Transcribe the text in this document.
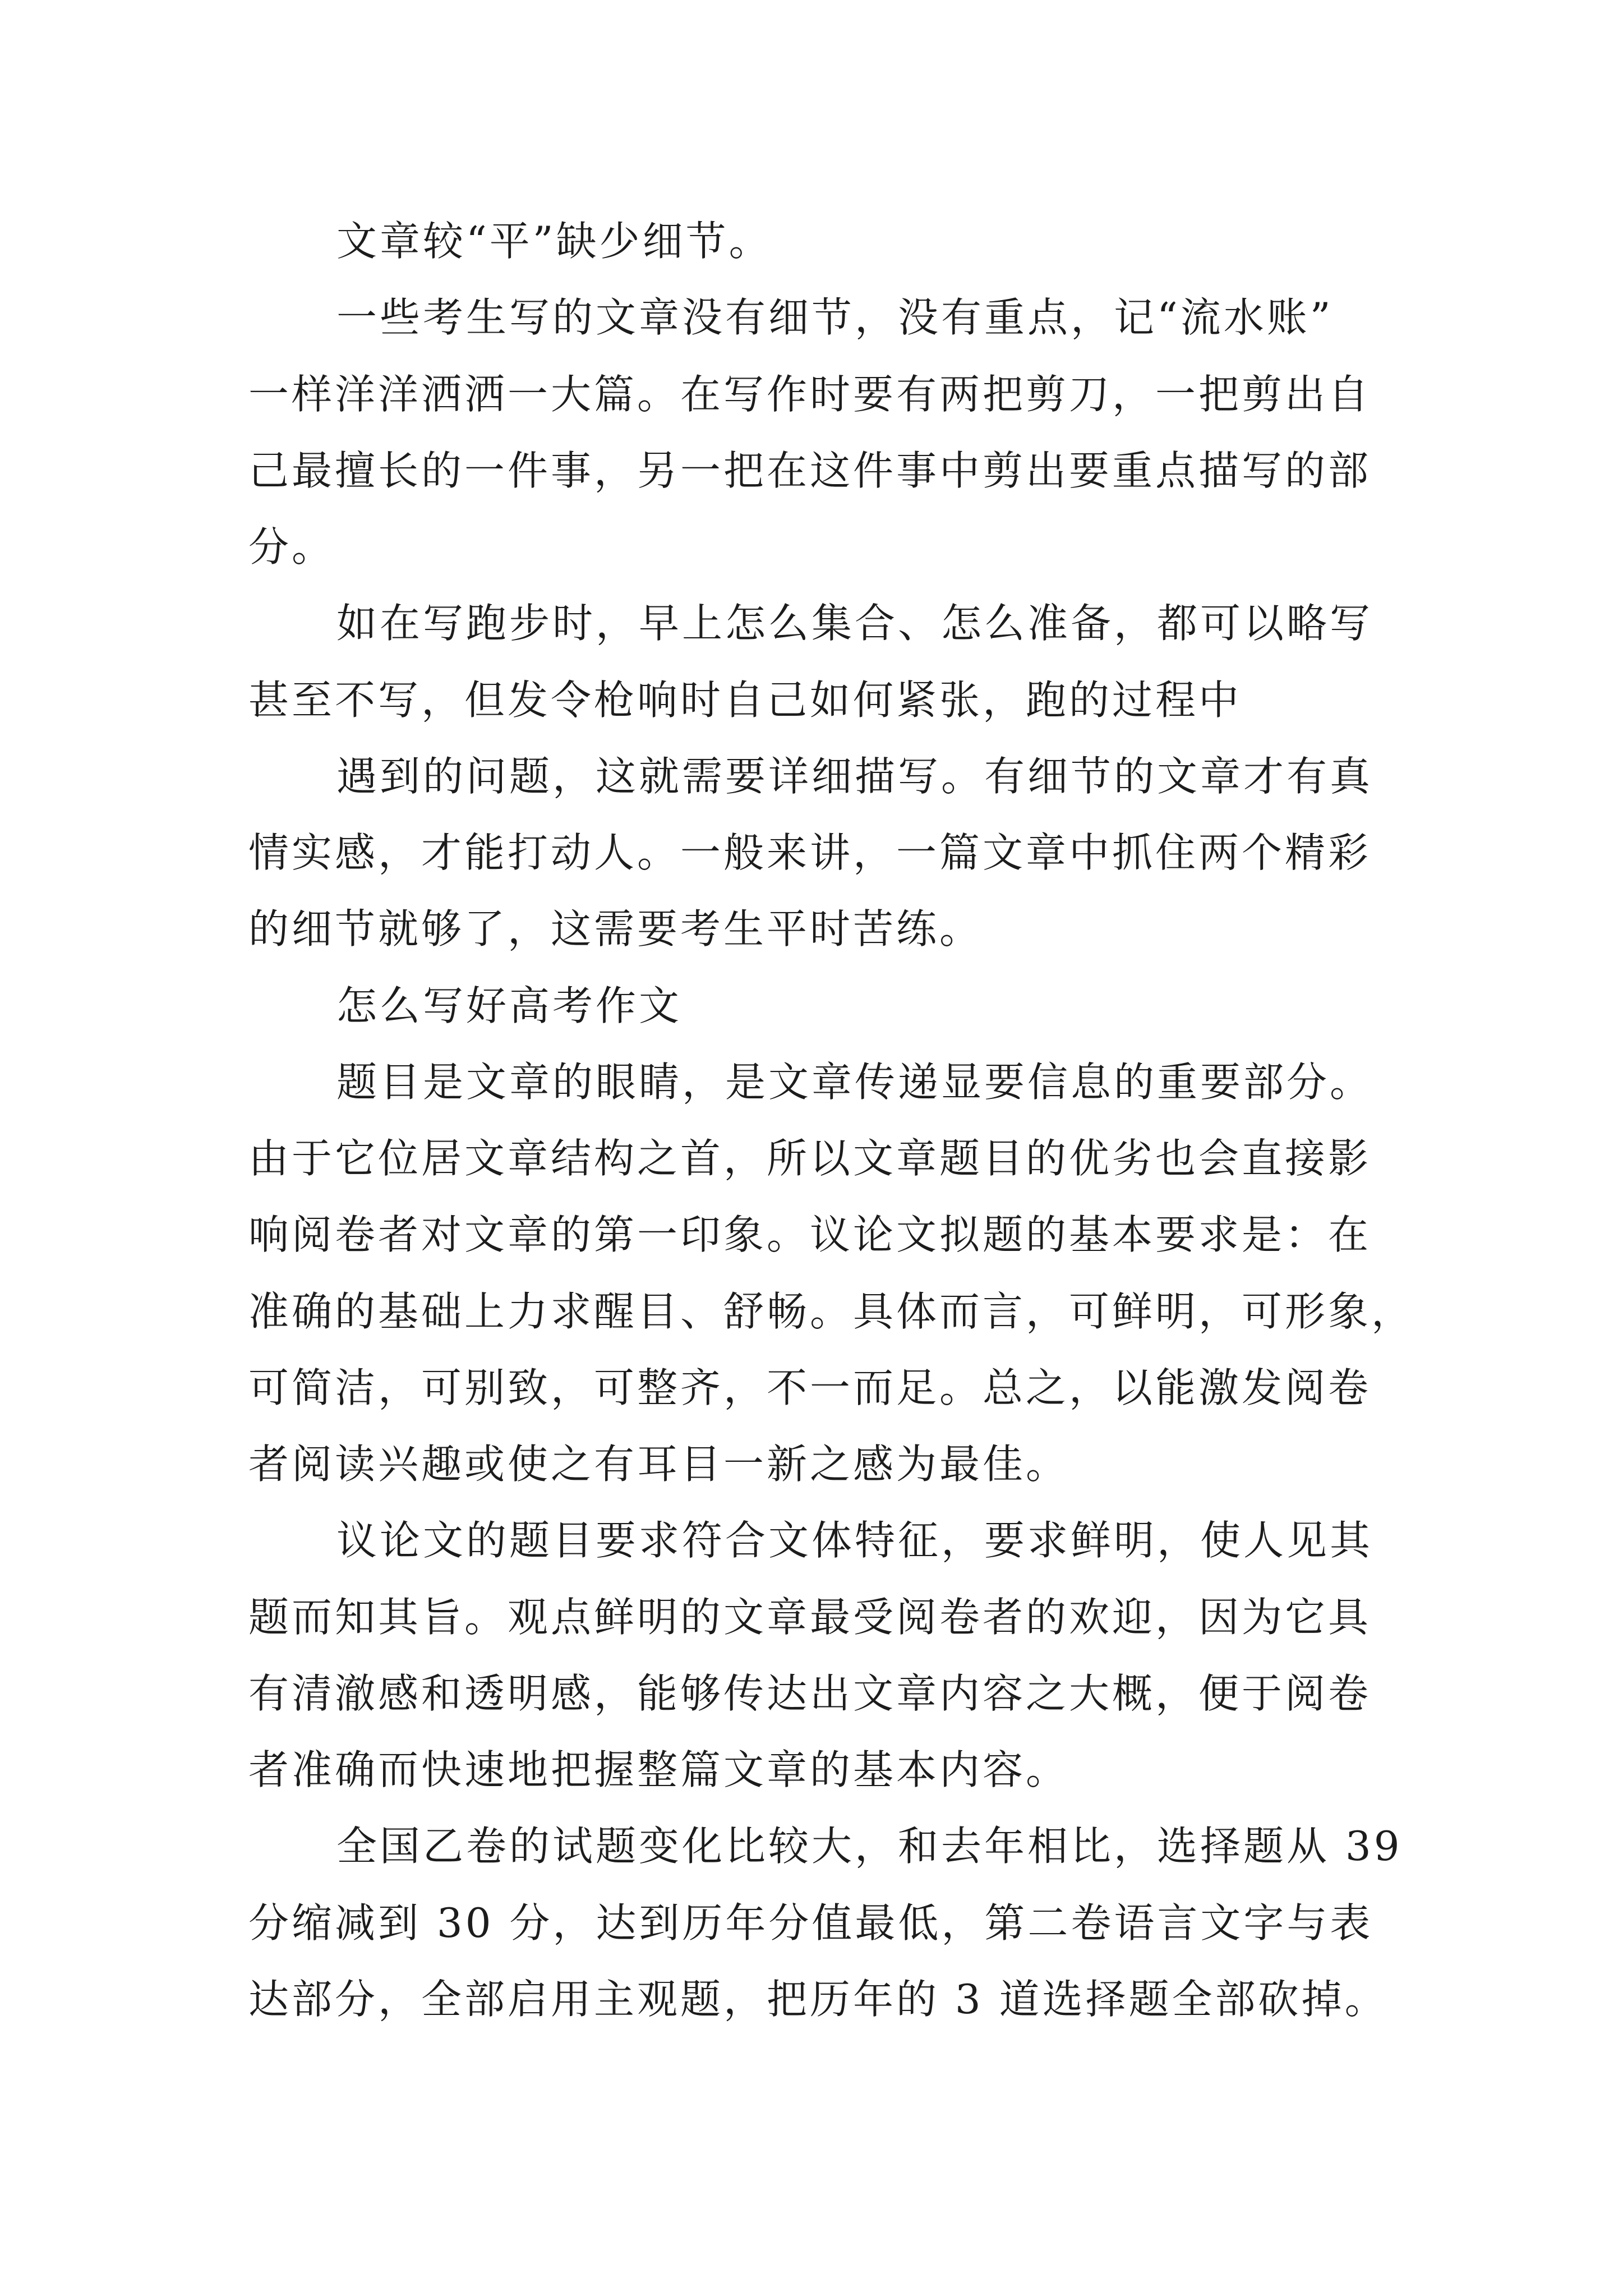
文章较“平”缺少细节。
一些考生写的文章没有细节，没有重点，记“流水账”
一样洋洋洒洒一大篇。在写作时要有两把剪刀，一把剪出自
己最擅长的一件事，另一把在这件事中剪出要重点描写的部
分。
如在写跑步时，早上怎么集合、怎么准备，都可以略写
甚至不写，但发令枪响时自己如何紧张，跑的过程中
遇到的问题，这就需要详细描写。有细节的文章才有真
情实感，才能打动人。一般来讲，一篇文章中抓住两个精彩
的细节就够了，这需要考生平时苦练。
怎么写好高考作文
题目是文章的眼睛，是文章传递显要信息的重要部分。
由于它位居文章结构之首，所以文章题目的优劣也会直接影
响阅卷者对文章的第一印象。议论文拟题的基本要求是：在
准确的基础上力求醒目、舒畅。具体而言，可鲜明，可形象，
可简洁，可别致，可整齐，不一而足。总之，以能激发阅卷
者阅读兴趣或使之有耳目一新之感为最佳。
议论文的题目要求符合文体特征，要求鲜明，使人见其
题而知其旨。观点鲜明的文章最受阅卷者的欢迎，因为它具
有清澈感和透明感，能够传达出文章内容之大概，便于阅卷
者准确而快速地把握整篇文章的基本内容。
全国乙卷的试题变化比较大，和去年相比，选择题从 39
分缩减到 30 分，达到历年分值最低，第二卷语言文字与表
达部分，全部启用主观题，把历年的 3 道选择题全部砍掉。
